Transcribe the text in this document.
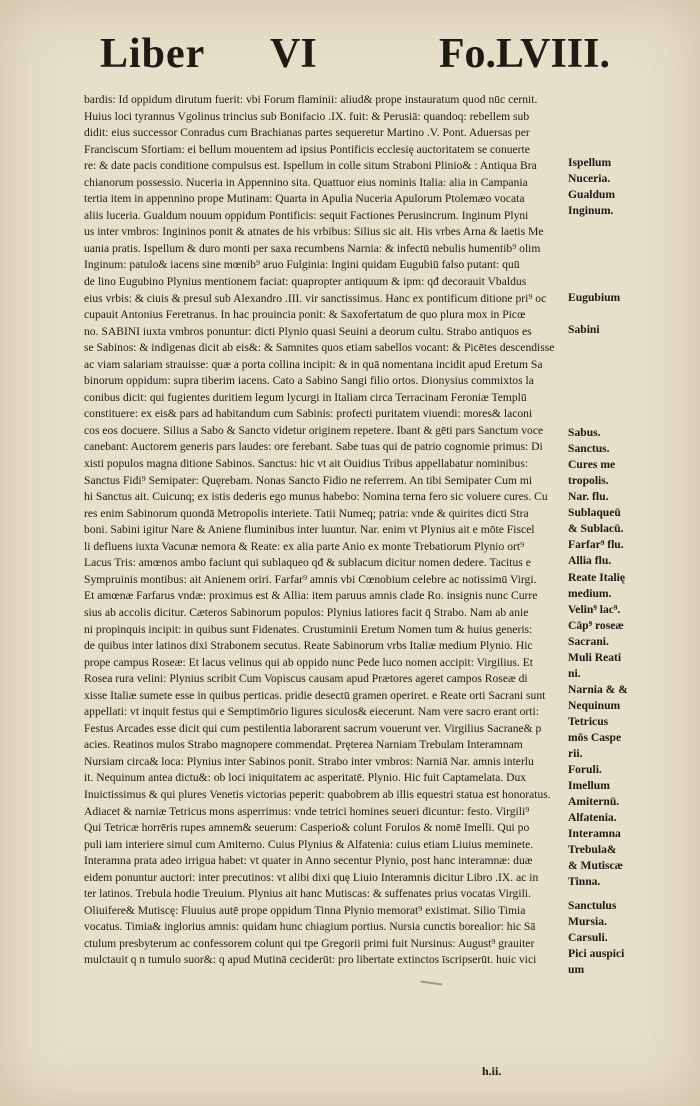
Liber VI	Fo.LVIII.
bardis: Id oppidum dirutum fuerit: vbi Forum flaminii: aliud& prope instauratum quod nūc cernit.
Huius loci tyrannus Vgolinus trincius sub Bonifacio .IX. fuit: & Perusiā: quandoq: rebellem sub
didit: eius successor Conradus cum Brachianas partes sequeretur Martino .V. Pont. Aduersas per
Franciscum Sfortiam: ei bellum mouentem ad ipsius Pontificis ecclesię auctoritatem se conuerte
re: & date pacis conditione compulsus est. Ispellum in colle situm Straboni Plinio& : Antiqua Bra
chianorum possessio. Nuceria in Appennino sita. Quattuor eius nominis Italia: alia in Campania
tertia item in appennino prope Mutinam: Quarta in Apulia Nuceria Apulorum Ptolemæo vocata
aliis luceria. Gualdum nouum oppidum Pontificis: sequit Factiones Perusincrum. Inginum Plyni
us inter vmbros: Ingininos ponit & atnates de his vrbibus: Silius sic ait. His vrbes Arna & laetis Me
uania pratis. Ispellum & duro monti per saxa recumbens Narnia: & infectū nebulis humentib⁹ olim
Inginum: patulo& iacens sine mœnib⁹ aruo Fulginia: Ingini quidam Eugubiū falso putant: quū
de lino Eugubino Plynius mentionem faciat: quapropter antiquum & ipm: qđ decorauit Vbaldus
eius vrbis: & ciuis & presul sub Alexandro .III. vir sanctissimus. Hanc ex pontificum ditione pri⁹ oc
cupauit Antonius Feretranus. In hac prouincia ponit: & Saxofertatum de quo plura mox in Picœ
no. SABINI iuxta vmbros ponuntur: dicti Plynio quasi Seuini a deorum cultu. Strabo antiquos es
se Sabinos: & indigenas dicit ab eis&: & Samnites quos etiam sabellos vocant: & Picētes descendisse
ac viam salariam strauisse: quæ a porta collina incipit: & in quā nomentana incidit apud Eretum Sa
binorum oppidum: supra tiberim iacens. Cato a Sabino Sangi filio ortos. Dionysius commixtos la
conibus dicit: qui fugientes duritiem legum lycurgi in Italiam circa Terracinam Feroniæ Templū
constituere: ex eis& pars ad habitandum cum Sabinis: profecti puritatem viuendi: mores& laconi
cos eos docuere. Silius a Sabo & Sancto videtur originem repetere. Ibant & gēti pars Sanctum voce
canebant: Auctorem generis pars laudes: ore ferebant. Sabe tuas qui de patrio cognomie primus: Di
xisti populos magna ditione Sabinos. Sanctus: hic vt ait Ouidius Tribus appellabatur nominibus:
Sanctus Fidi⁹ Semipater: Quęrebam. Nonas Sancto Fidio ne referrem. An tibi Semipater Cum mi
hi Sanctus ait. Cuicunq; ex istis dederis ego munus habebo: Nomina terna fero sic voluere cures. Cu
res enim Sabinorum quondā Metropolis interiete. Tatii Numeq; patria: vnde & quirites dicti Stra
boni. Sabini igitur Nare & Aniene fluminibus inter luuntur. Nar. enim vt Plynius ait e mōte Fiscel
li defluens iuxta Vacunæ nemora & Reate: ex alia parte Anio ex monte Trebatiorum Plynio ort⁹
Lacus Tris: amœnos ambo faciunt qui sublaqueo qđ & sublacum dicitur nomen dedere. Tacitus e
Sympruinis montibus: ait Anienem oriri. Farfar⁹ amnis vbi Cœnobium celebre ac notissimū Virgi.
Et amœnæ Farfarus vndæ: proximus est & Allia: item paruus amnis clade Ro. insignis nunc Curre
sius ab accolis dicitur. Cæteros Sabinorum populos: Plynius latiores facit q̄ Strabo. Nam ab anie
ni propinquis incipit: in quibus sunt Fidenates. Crustuminii Eretum Nomen tum & huius generis:
de quibus inter latinos dixi Strabonem secutus. Reate Sabinorum vrbs Italiæ medium Plynio. Hic
prope campus Roseæ: Et lacus velinus qui ab oppido nunc Pede luco nomen accipit: Virgilius. Et
Rosea rura velini: Plynius scribit Cum Vopiscus causam apud Prætores ageret campos Roseæ di
xisse Italiæ sumete esse in quibus perticas. pridie desectū gramen operiret. e Reate orti Sacrani sunt
appellati: vt inquit festus qui e Semptimōrio ligures siculos& eiecerunt. Nam vere sacro erant orti:
Festus Arcades esse dicit qui cum pestilentia laborarent sacrum vouerunt ver. Virgilius Sacrane& p
acies. Reatinos mulos Strabo magnopere commendat. Pręterea Narniam Trebulam Interamnam
Nursiam circa& loca: Plynius inter Sabinos ponit. Strabo inter vmbros: Narniā Nar. amnis interlu
it. Nequinum antea dictu&: ob loci iniquitatem ac asperitatē. Plynio. Hic fuit Captamelata. Dux
Inuictissimus & qui plures Venetis victorias peperit: quabobrem ab illis equestri statua est honoratus.
Adiacet & narniæ Tetricus mons asperrimus: vnde tetrici homines seueri dicuntur: festo. Virgili⁹
Qui Tetricæ horrēris rupes amnem& seuerum: Casperio& colunt Forulos & nomē Imelli. Qui po
puli iam interiere simul cum Amiterno. Cuius Plynius & Alfatenia: cuius etiam Liuius meminete.
Interamna prata adeo irrigua habet: vt quater in Anno secentur Plynio, post hanc interamnæ: duæ
eidem ponuntur auctori: inter precutinos: vt alibi dixi quę Liuio Interamnis dicitur Libro .IX. ac in
ter latinos. Trebula hodie Treuium. Plynius ait hanc Mutiscas: & suffenates prius vocatas Virgili.
Oliuifere& Mutiscę: Fluuius autē prope oppidum Tinna Plynio memorat⁹ existimat. Silio Timia
vocatus. Timia& inglorius amnis: quidam hunc chiagium portius. Nursia cunctis borealior: hic Sā
ctulum presbyterum ac confessorem colunt qui tpe Gregorii primi fuit Nursinus: August⁹ grauiter
mulctauit q n tumulo suor&: q apud Mutinā ceciderūt: pro libertate extinctos īscripserūt. huic vici
Ispellum
Nuceria.
Gualdum
Inginum.
Eugubium
Sabini
Sabus.
Sanctus.
Cures me
tropolis.
Nar. flu.
Sublaqueū
& Sublacū.
Farfar⁹ flu.
Allia flu.
Reate Italię
medium.
Velin⁹ lac⁹.
Cāp⁹ roseæ
Sacrani.
Muli Reati
ni.
Narnia & &
Nequinum
Tetricus
mōs Caspe
rii.
Foruli.
Imellum
Amiternū.
Alfatenia.
Interamna
Trebula&
& Mutiscæ
Tinna.
Sanctulus
Mursia.
Carsuli.
Pici auspici
um
h.ii.
